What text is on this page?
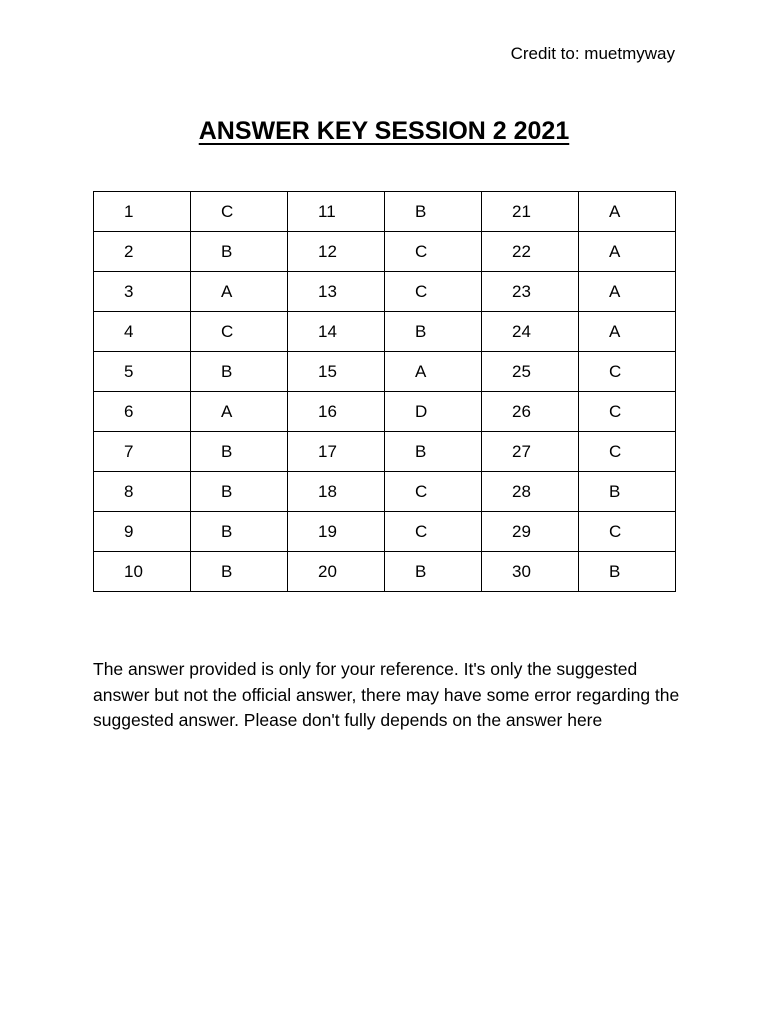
Credit to: muetmyway
ANSWER KEY SESSION 2 2021
1	C	11	B	21	A
2	B	12	C	22	A
3	A	13	C	23	A
4	C	14	B	24	A
5	B	15	A	25	C
6	A	16	D	26	C
7	B	17	B	27	C
8	B	18	C	28	B
9	B	19	C	29	C
10	B	20	B	30	B

The answer provided is only for your reference. It's only the suggested answer but not the official answer, there may have some error regarding the suggested answer. Please don't fully depends on the answer here
